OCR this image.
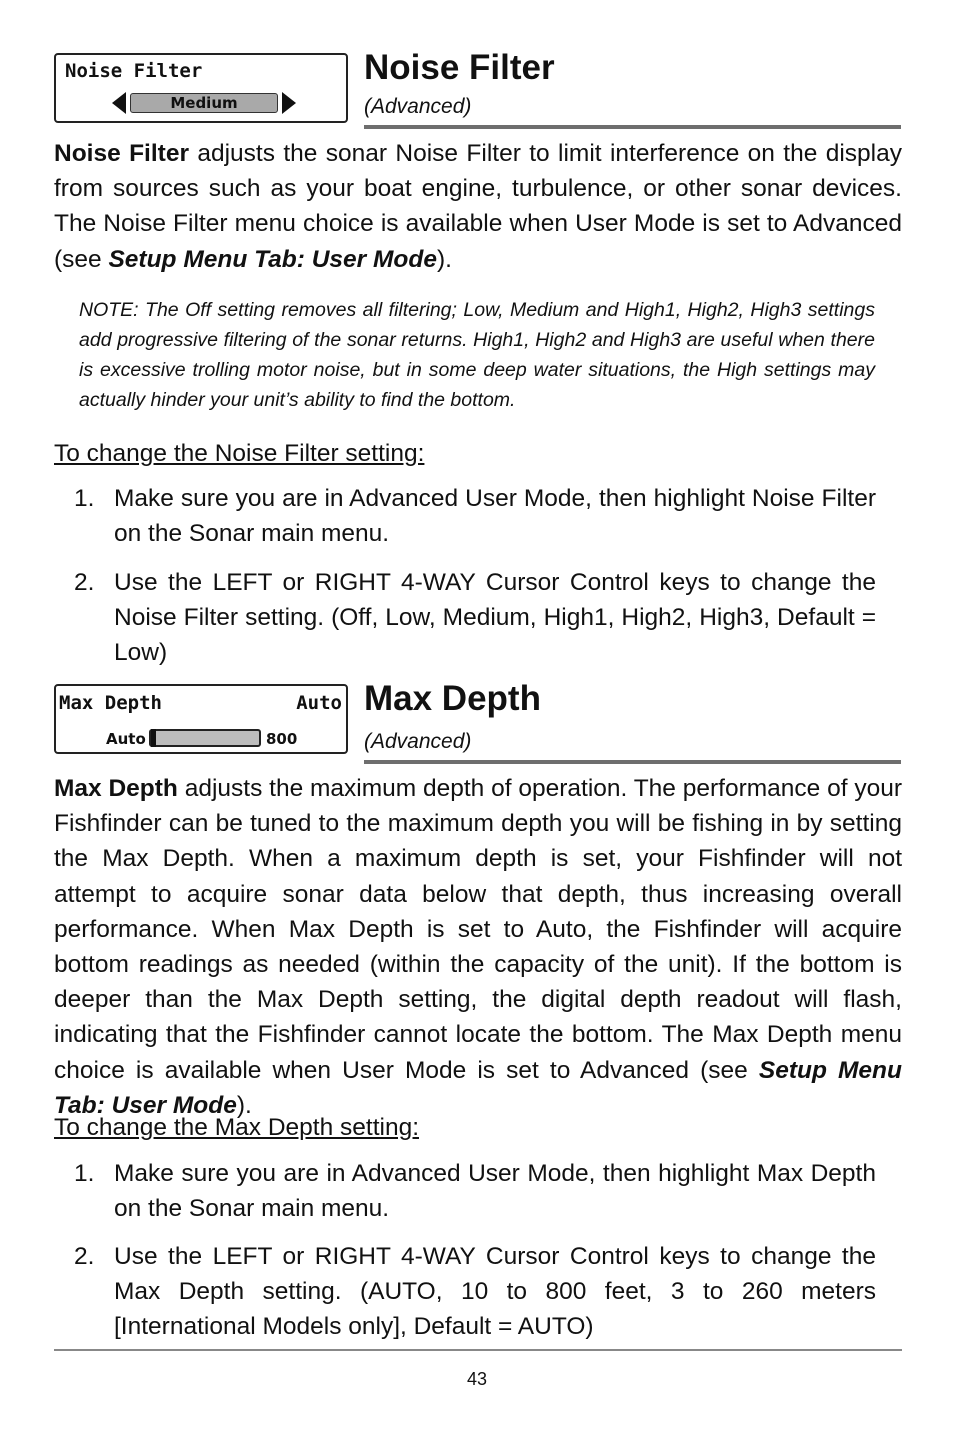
Noise Filter
Medium
Noise Filter
(Advanced)

Noise Filter adjusts the sonar Noise Filter to limit interference on the display from sources such as your boat engine, turbulence, or other sonar devices. The Noise Filter menu choice is available when User Mode is set to Advanced (see Setup Menu Tab: User Mode).

NOTE: The Off setting removes all filtering; Low, Medium and High1, High2, High3 settings add progressive filtering of the sonar returns. High1, High2 and High3 are useful when there is excessive trolling motor noise, but in some deep water situations, the High settings may actually hinder your unit’s ability to find the bottom.

To change the Noise Filter setting:
1. Make sure you are in Advanced User Mode, then highlight Noise Filter on the Sonar main menu.
2. Use the LEFT or RIGHT 4-WAY Cursor Control keys to change the Noise Filter setting. (Off, Low, Medium, High1, High2, High3, Default = Low)
Max Depth	Auto
Auto	800
Max Depth
(Advanced)

Max Depth adjusts the maximum depth of operation. The performance of your Fishfinder can be tuned to the maximum depth you will be fishing in by setting the Max Depth. When a maximum depth is set, your Fishfinder will not attempt to acquire sonar data below that depth, thus increasing overall performance. When Max Depth is set to Auto, the Fishfinder will acquire bottom readings as needed (within the capacity of the unit). If the bottom is deeper than the Max Depth setting, the digital depth readout will flash, indicating that the Fishfinder cannot locate the bottom. The Max Depth menu choice is available when User Mode is set to Advanced (see Setup Menu Tab: User Mode).

To change the Max Depth setting:
1. Make sure you are in Advanced User Mode, then highlight Max Depth on the Sonar main menu.
2. Use the LEFT or RIGHT 4-WAY Cursor Control keys to change the Max Depth setting. (AUTO, 10 to 800 feet, 3 to 260 meters [International Models only], Default = AUTO)
43
